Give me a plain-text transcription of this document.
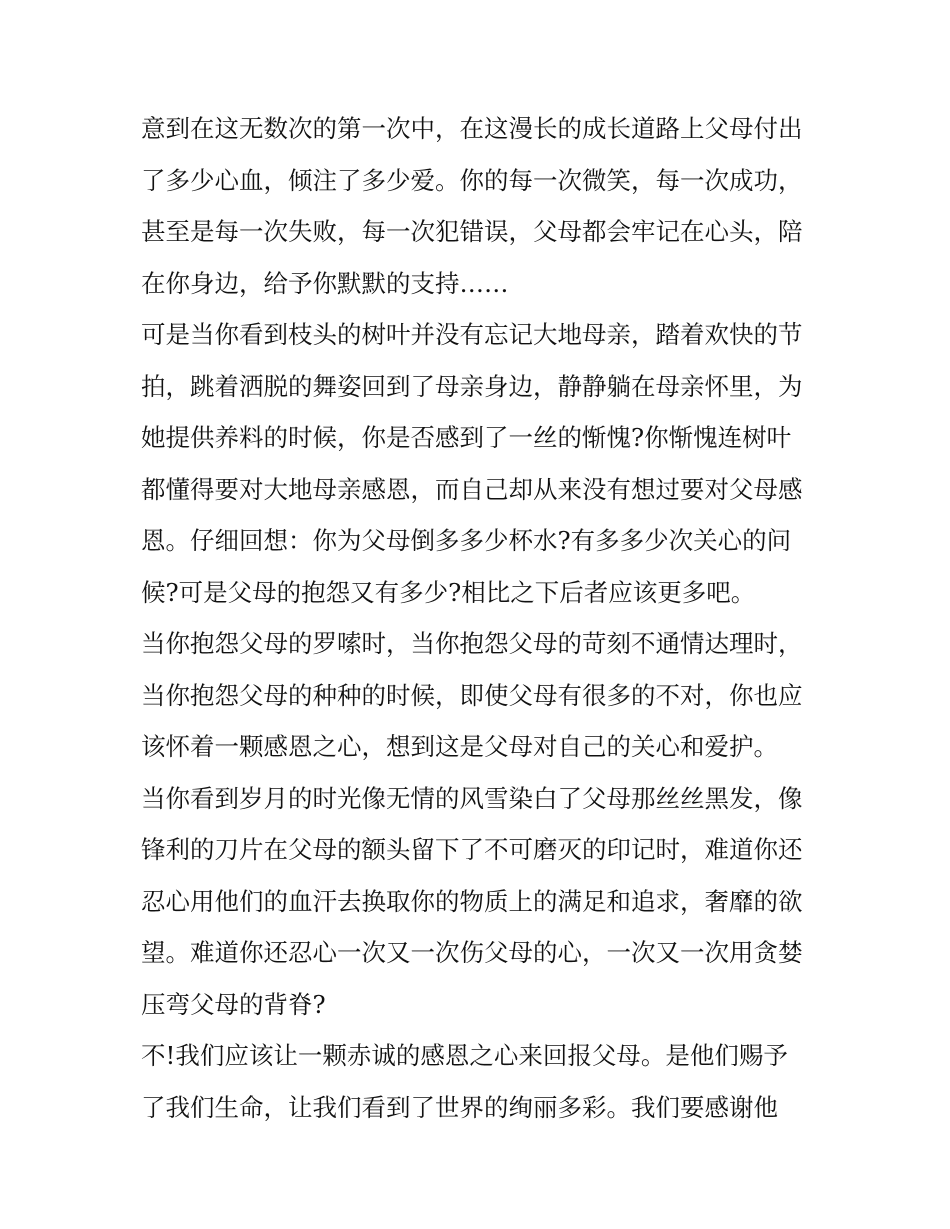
意到在这无数次的第一次中，在这漫长的成长道路上父母付出
了多少心血，倾注了多少爱。你的每一次微笑，每一次成功，
甚至是每一次失败，每一次犯错误，父母都会牢记在心头，陪
在你身边，给予你默默的支持……
可是当你看到枝头的树叶并没有忘记大地母亲，踏着欢快的节
拍，跳着洒脱的舞姿回到了母亲身边，静静躺在母亲怀里，为
她提供养料的时候，你是否感到了一丝的惭愧?你惭愧连树叶
都懂得要对大地母亲感恩，而自己却从来没有想过要对父母感
恩。仔细回想：你为父母倒多多少杯水?有多多少次关心的问
候?可是父母的抱怨又有多少?相比之下后者应该更多吧。
当你抱怨父母的罗嗦时，当你抱怨父母的苛刻不通情达理时，
当你抱怨父母的种种的时候，即使父母有很多的不对，你也应
该怀着一颗感恩之心，想到这是父母对自己的关心和爱护。
当你看到岁月的时光像无情的风雪染白了父母那丝丝黑发，像
锋利的刀片在父母的额头留下了不可磨灭的印记时，难道你还
忍心用他们的血汗去换取你的物质上的满足和追求，奢靡的欲
望。难道你还忍心一次又一次伤父母的心，一次又一次用贪婪
压弯父母的背脊?
不!我们应该让一颗赤诚的感恩之心来回报父母。是他们赐予
了我们生命，让我们看到了世界的绚丽多彩。我们要感谢他
